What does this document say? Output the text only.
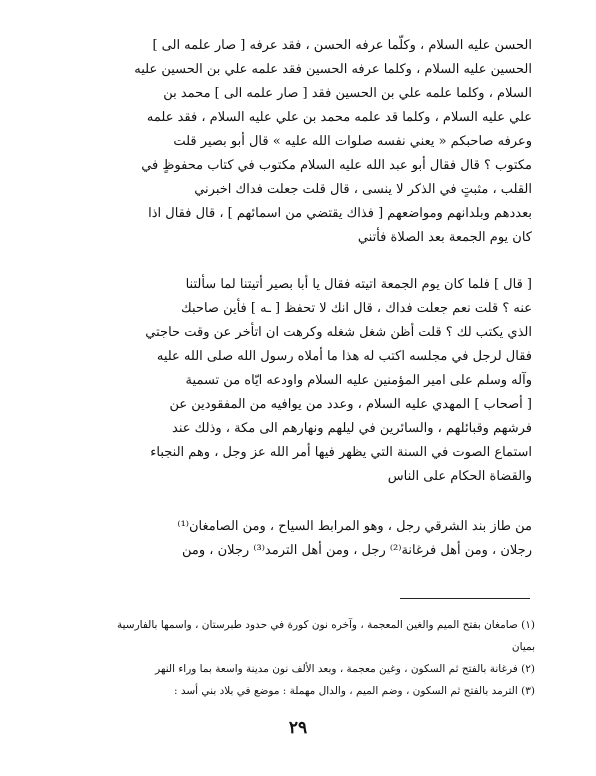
الحسن عليه السلام ، وكلّما عرفه الحسن ، فقد عرفه [ صار علمه الى ]
الحسين عليه السلام ، وكلما عرفه الحسين فقد علمه علي بن الحسين عليه
السلام ، وكلما علمه علي بن الحسين فقد [ صار علمه الى ] محمد بن
علي عليه السلام ، وكلما قد علمه محمد بن علي عليه السلام ، فقد علمه
وعرفه صاحبكم « يعني نفسه صلوات الله عليه » قال أبو بصير قلت
مكتوب ؟ قال فقال أبو عبد الله عليه السلام مكتوب في كتاب محفوظٍ في
القلب ، مثبتٍ في الذكر لا ينسى ، قال قلت جعلت فداك اخبرني
بعددهم وبلدانهم ومواضعهم [ فذاك يقتضي من اسمائهم ] ، قال فقال اذا
كان يوم الجمعة بعد الصلاة فأتني
[ قال ] فلما كان يوم الجمعة اتيته فقال يا أبا بصير أتيتنا لما سألتنا
عنه ؟ قلت نعم جعلت فداك ، قال انك لا تحفظ [ ـه ] فأين صاحبك
الذي يكتب لك ؟ قلت أظن شغل شغله وكرهت ان اتأخر عن وقت حاجتي
فقال لرجل في مجلسه اكتب له هذا ما أملاه رسول الله صلى الله عليه
وآله وسلم على امير المؤمنين عليه السلام واودعه ايّاه من تسمية
[ أصحاب ] المهدي عليه السلام ، وعدد من يوافيه من المفقودين عن
فرشهم وقبائلهم ، والسائرين في ليلهم ونهارهم الى مكة ، وذلك عند
استماع الصوت في السنة التي يظهر فيها أمر الله عز وجل ، وهم النجباء
والقضاة الحكام على الناس
من طاز بند الشرقي رجل ، وهو المرابط السياح ، ومن الصامغان⁽¹⁾
رجلان ، ومن أهل فرغانة⁽²⁾ رجل ، ومن أهل الترمد⁽³⁾ رجلان ، ومن
(١) صامغان بفتح الميم والغين المعجمة ، وآخره نون كورة في حدود طبرستان ، واسمها بالفارسية
بميان
(٢) فرغانة بالفتح ثم السكون ، وغين معجمة ، وبعد الألف نون مدينة واسعة بما وراء النهر
(٣) الترمد بالفتح ثم السكون ، وضم الميم ، والدال مهملة : موضع في بلاد بني أسد :
٢٩
